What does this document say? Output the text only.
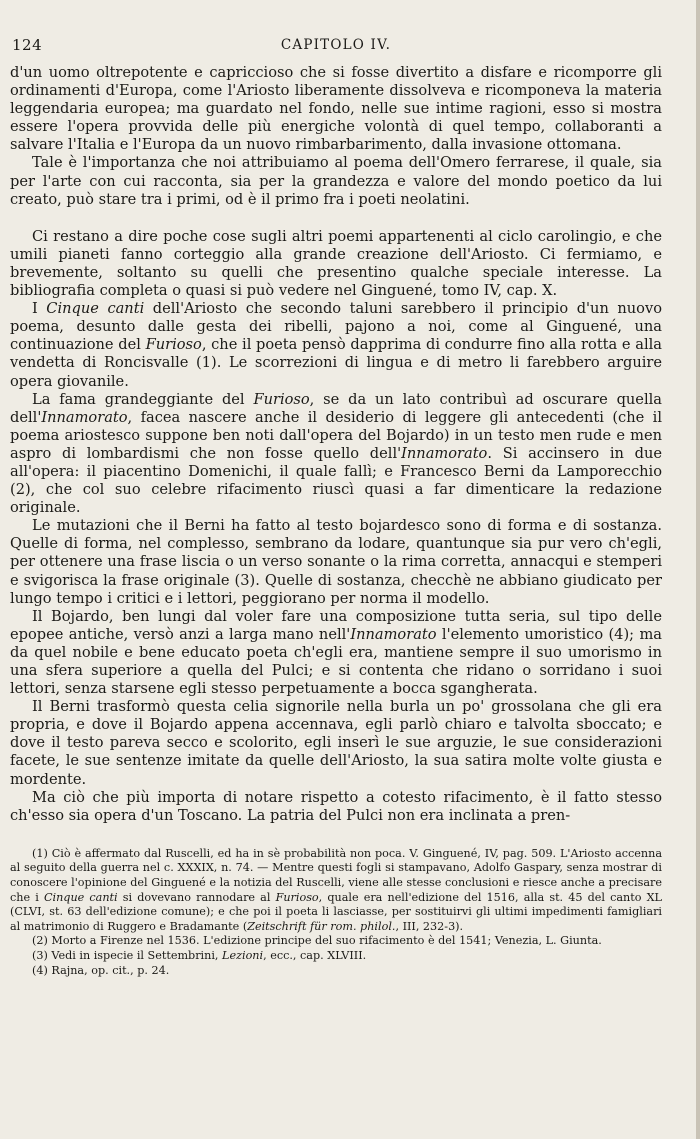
124	CAPITOLO IV.

d'un uomo oltrepotente e capriccioso che si fosse divertito a disfare e ricomporre gli ordinamenti d'Europa, come l'Ariosto liberamente dissolveva e ricomponeva la materia leggendaria europea; ma guardato nel fondo, nelle sue intime ragioni, esso si mostra essere l'opera provvida delle più energiche volontà di quel tempo, collaboranti a salvare l'Italia e l'Europa da un nuovo rimbarbarimento, dalla invasione ottomana.

Tale è l'importanza che noi attribuiamo al poema dell'Omero ferrarese, il quale, sia per l'arte con cui racconta, sia per la grandezza e valore del mondo poetico da lui creato, può stare tra i primi, od è il primo fra i poeti neolatini.

Ci restano a dire poche cose sugli altri poemi appartenenti al ciclo carolingio, e che umili pianeti fanno corteggio alla grande creazione dell'Ariosto. Ci fermiamo, e brevemente, soltanto su quelli che presentino qualche speciale interesse. La bibliografia completa o quasi si può vedere nel Ginguené, tomo IV, cap. X.

I Cinque canti dell'Ariosto che secondo taluni sarebbero il principio d'un nuovo poema, desunto dalle gesta dei ribelli, pajono a noi, come al Ginguené, una continuazione del Furioso, che il poeta pensò dapprima di condurre fino alla rotta e alla vendetta di Roncisvalle (1). Le scorrezioni di lingua e di metro li farebbero arguire opera giovanile.

La fama grandeggiante del Furioso, se da un lato contribuì ad oscurare quella dell'Innamorato, facea nascere anche il desiderio di leggere gli antecedenti (che il poema ariostesco suppone ben noti dall'opera del Bojardo) in un testo men rude e men aspro di lombardismi che non fosse quello dell'Innamorato. Si accinsero in due all'opera: il piacentino Domenichi, il quale fallì; e Francesco Berni da Lamporecchio (2), che col suo celebre rifacimento riuscì quasi a far dimenticare la redazione originale.

Le mutazioni che il Berni ha fatto al testo bojardesco sono di forma e di sostanza. Quelle di forma, nel complesso, sembrano da lodare, quantunque sia pur vero ch'egli, per ottenere una frase liscia o un verso sonante o la rima corretta, annacqui e stemperi e svigorisca la frase originale (3). Quelle di sostanza, checchè ne abbiano giudicato per lungo tempo i critici e i lettori, peggiorano per norma il modello.

Il Bojardo, ben lungi dal voler fare una composizione tutta seria, sul tipo delle epopee antiche, versò anzi a larga mano nell'Innamorato l'elemento umoristico (4); ma da quel nobile e bene educato poeta ch'egli era, mantiene sempre il suo umorismo in una sfera superiore a quella del Pulci; e si contenta che ridano o sorridano i suoi lettori, senza starsene egli stesso perpetuamente a bocca sgangherata.

Il Berni trasformò questa celia signorile nella burla un po' grossolana che gli era propria, e dove il Bojardo appena accennava, egli parlò chiaro e talvolta sboccato; e dove il testo pareva secco e scolorito, egli inserì le sue arguzie, le sue considerazioni facete, le sue sentenze imitate da quelle dell'Ariosto, la sua satira molte volte giusta e mordente.

Ma ciò che più importa di notare rispetto a cotesto rifacimento, è il fatto stesso ch'esso sia opera d'un Toscano. La patria del Pulci non era inclinata a pren-

(1) Ciò è affermato dal Ruscelli, ed ha in sè probabilità non poca. V. Ginguené, IV, pag. 509. L'Ariosto accenna al seguito della guerra nel c. XXXIX, n. 74. — Mentre questi fogli si stampavano, Adolfo Gaspary, senza mostrar di conoscere l'opinione del Ginguené e la notizia del Ruscelli, viene alle stesse conclusioni e riesce anche a precisare che i Cinque canti si dovevano rannodare al Furioso, quale era nell'edizione del 1516, alla st. 45 del canto XL (CLVI, st. 63 dell'edizione comune); e che poi il poeta li lasciasse, per sostituirvi gli ultimi impedimenti famigliari al matrimonio di Ruggero e Bradamante (Zeitschrift für rom. philol., III, 232-3).

(2) Morto a Firenze nel 1536. L'edizione principe del suo rifacimento è del 1541; Venezia, L. Giunta.

(3) Vedi in ispecie il Settembrini, Lezioni, ecc., cap. XLVIII.

(4) Rajna, op. cit., p. 24.
